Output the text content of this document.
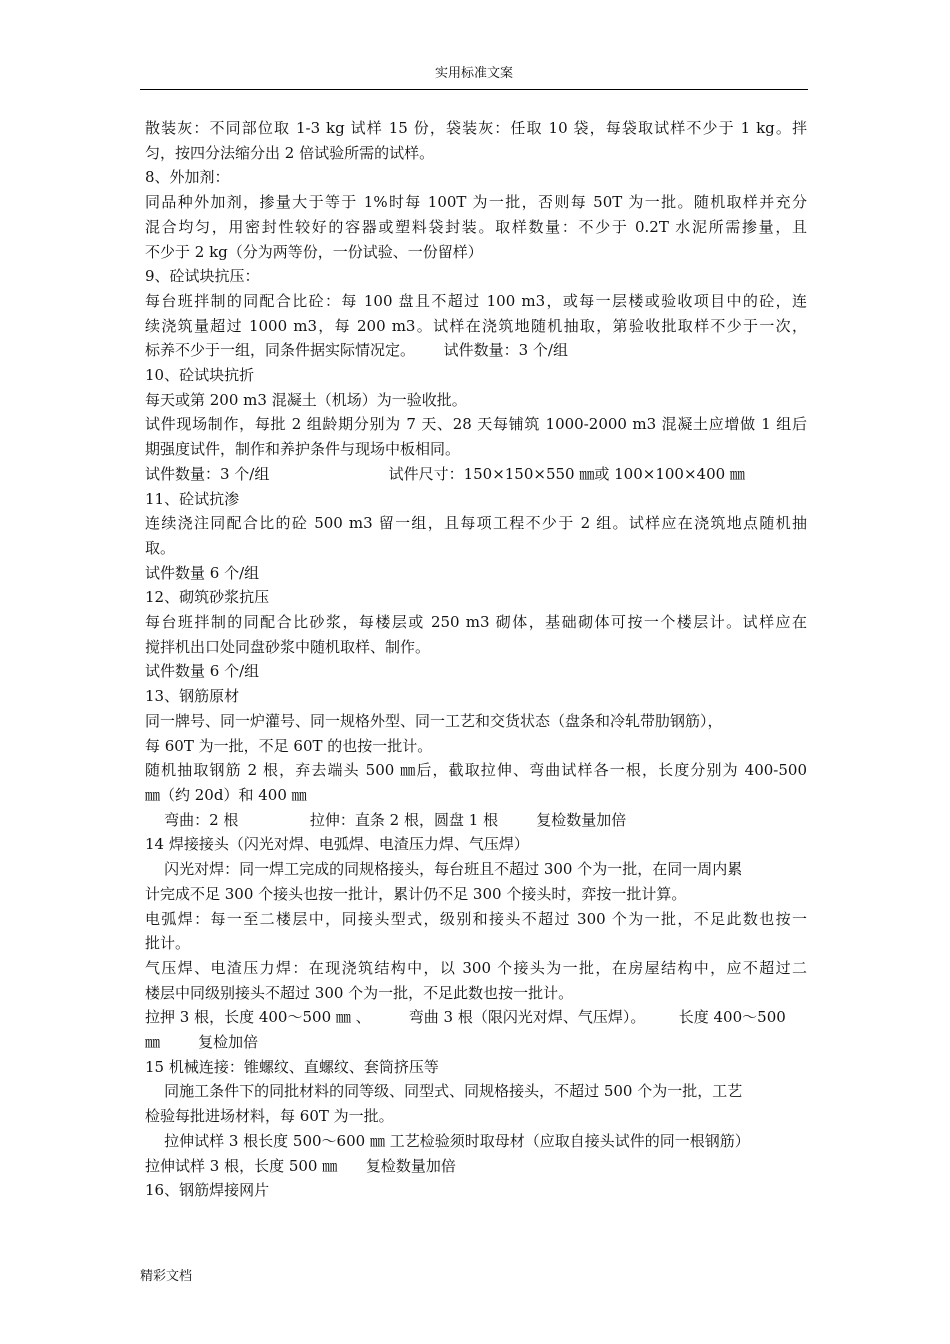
实用标准文案

散装灰：不同部位取 1-3 kg 试样 15 份，袋装灰：任取 10 袋，每袋取试样不少于 1 kg。拌

匀，按四分法缩分出 2 倍试验所需的试样。

8、外加剂：

同品种外加剂，掺量大于等于 1%时每 100T 为一批，否则每 50T 为一批。随机取样并充分

混合均匀，用密封性较好的容器或塑料袋封装。取样数量：不少于 0.2T 水泥所需掺量，且

不少于 2 kg（分为两等份，一份试验、一份留样）

9、砼试块抗压：

每台班拌制的同配合比砼：每 100 盘且不超过 100 m3，或每一层楼或验收项目中的砼，连

续浇筑量超过 1000 m3，每 200 m3。试样在浇筑地随机抽取，第验收批取样不少于一次，

标养不少于一组，同条件据实际情况定。      试件数量：3 个/组

10、砼试块抗折

每天或第 200 m3 混凝土（机场）为一验收批。

试件现场制作，每批 2 组龄期分别为 7 天、28 天每铺筑 1000-2000 m3 混凝土应增做 1 组后

期强度试件，制作和养护条件与现场中板相同。

试件数量：3 个/组                         试件尺寸：150×150×550 ㎜或 100×100×400 ㎜

11、砼试抗渗

连续浇注同配合比的砼 500 m3 留一组，且每项工程不少于 2 组。试样应在浇筑地点随机抽

取。

试件数量 6 个/组

12、砌筑砂浆抗压

每台班拌制的同配合比砂浆，每楼层或 250 m3 砌体，基础砌体可按一个楼层计。试样应在

搅拌机出口处同盘砂浆中随机取样、制作。

试件数量 6 个/组

13、钢筋原材

同一牌号、同一炉灌号、同一规格外型、同一工艺和交货状态（盘条和冷轧带肋钢筋），

每 60T 为一批，不足 60T 的也按一批计。

随机抽取钢筋 2 根，弃去端头 500 ㎜后，截取拉伸、弯曲试样各一根，长度分别为 400-500

㎜（约 20d）和 400 ㎜

弯曲：2 根               拉伸：直条 2 根，圆盘 1 根        复检数量加倍

14 焊接接头（闪光对焊、电弧焊、电渣压力焊、气压焊）

闪光对焊：同一焊工完成的同规格接头，每台班且不超过 300 个为一批，在同一周内累

计完成不足 300 个接头也按一批计，累计仍不足 300 个接头时，弈按一批计算。

电弧焊：每一至二楼层中，同接头型式，级别和接头不超过 300 个为一批，不足此数也按一

批计。

气压焊、电渣压力焊：在现浇筑结构中，以 300 个接头为一批，在房屋结构中，应不超过二

楼层中同级别接头不超过 300 个为一批，不足此数也按一批计。

拉押 3 根，长度 400～500 ㎜ 、        弯曲 3 根（限闪光对焊、气压焊）。       长度 400～500

㎜        复检加倍

15 机械连接：锥螺纹、直螺纹、套筒挤压等

同施工条件下的同批材料的同等级、同型式、同规格接头，不超过 500 个为一批，工艺

检验每批进场材料，每 60T 为一批。

拉伸试样 3 根长度 500～600 ㎜ 工艺检验须时取母材（应取自接头试件的同一根钢筋）

拉伸试样 3 根，长度 500 ㎜      复检数量加倍

16、钢筋焊接网片

精彩文档
